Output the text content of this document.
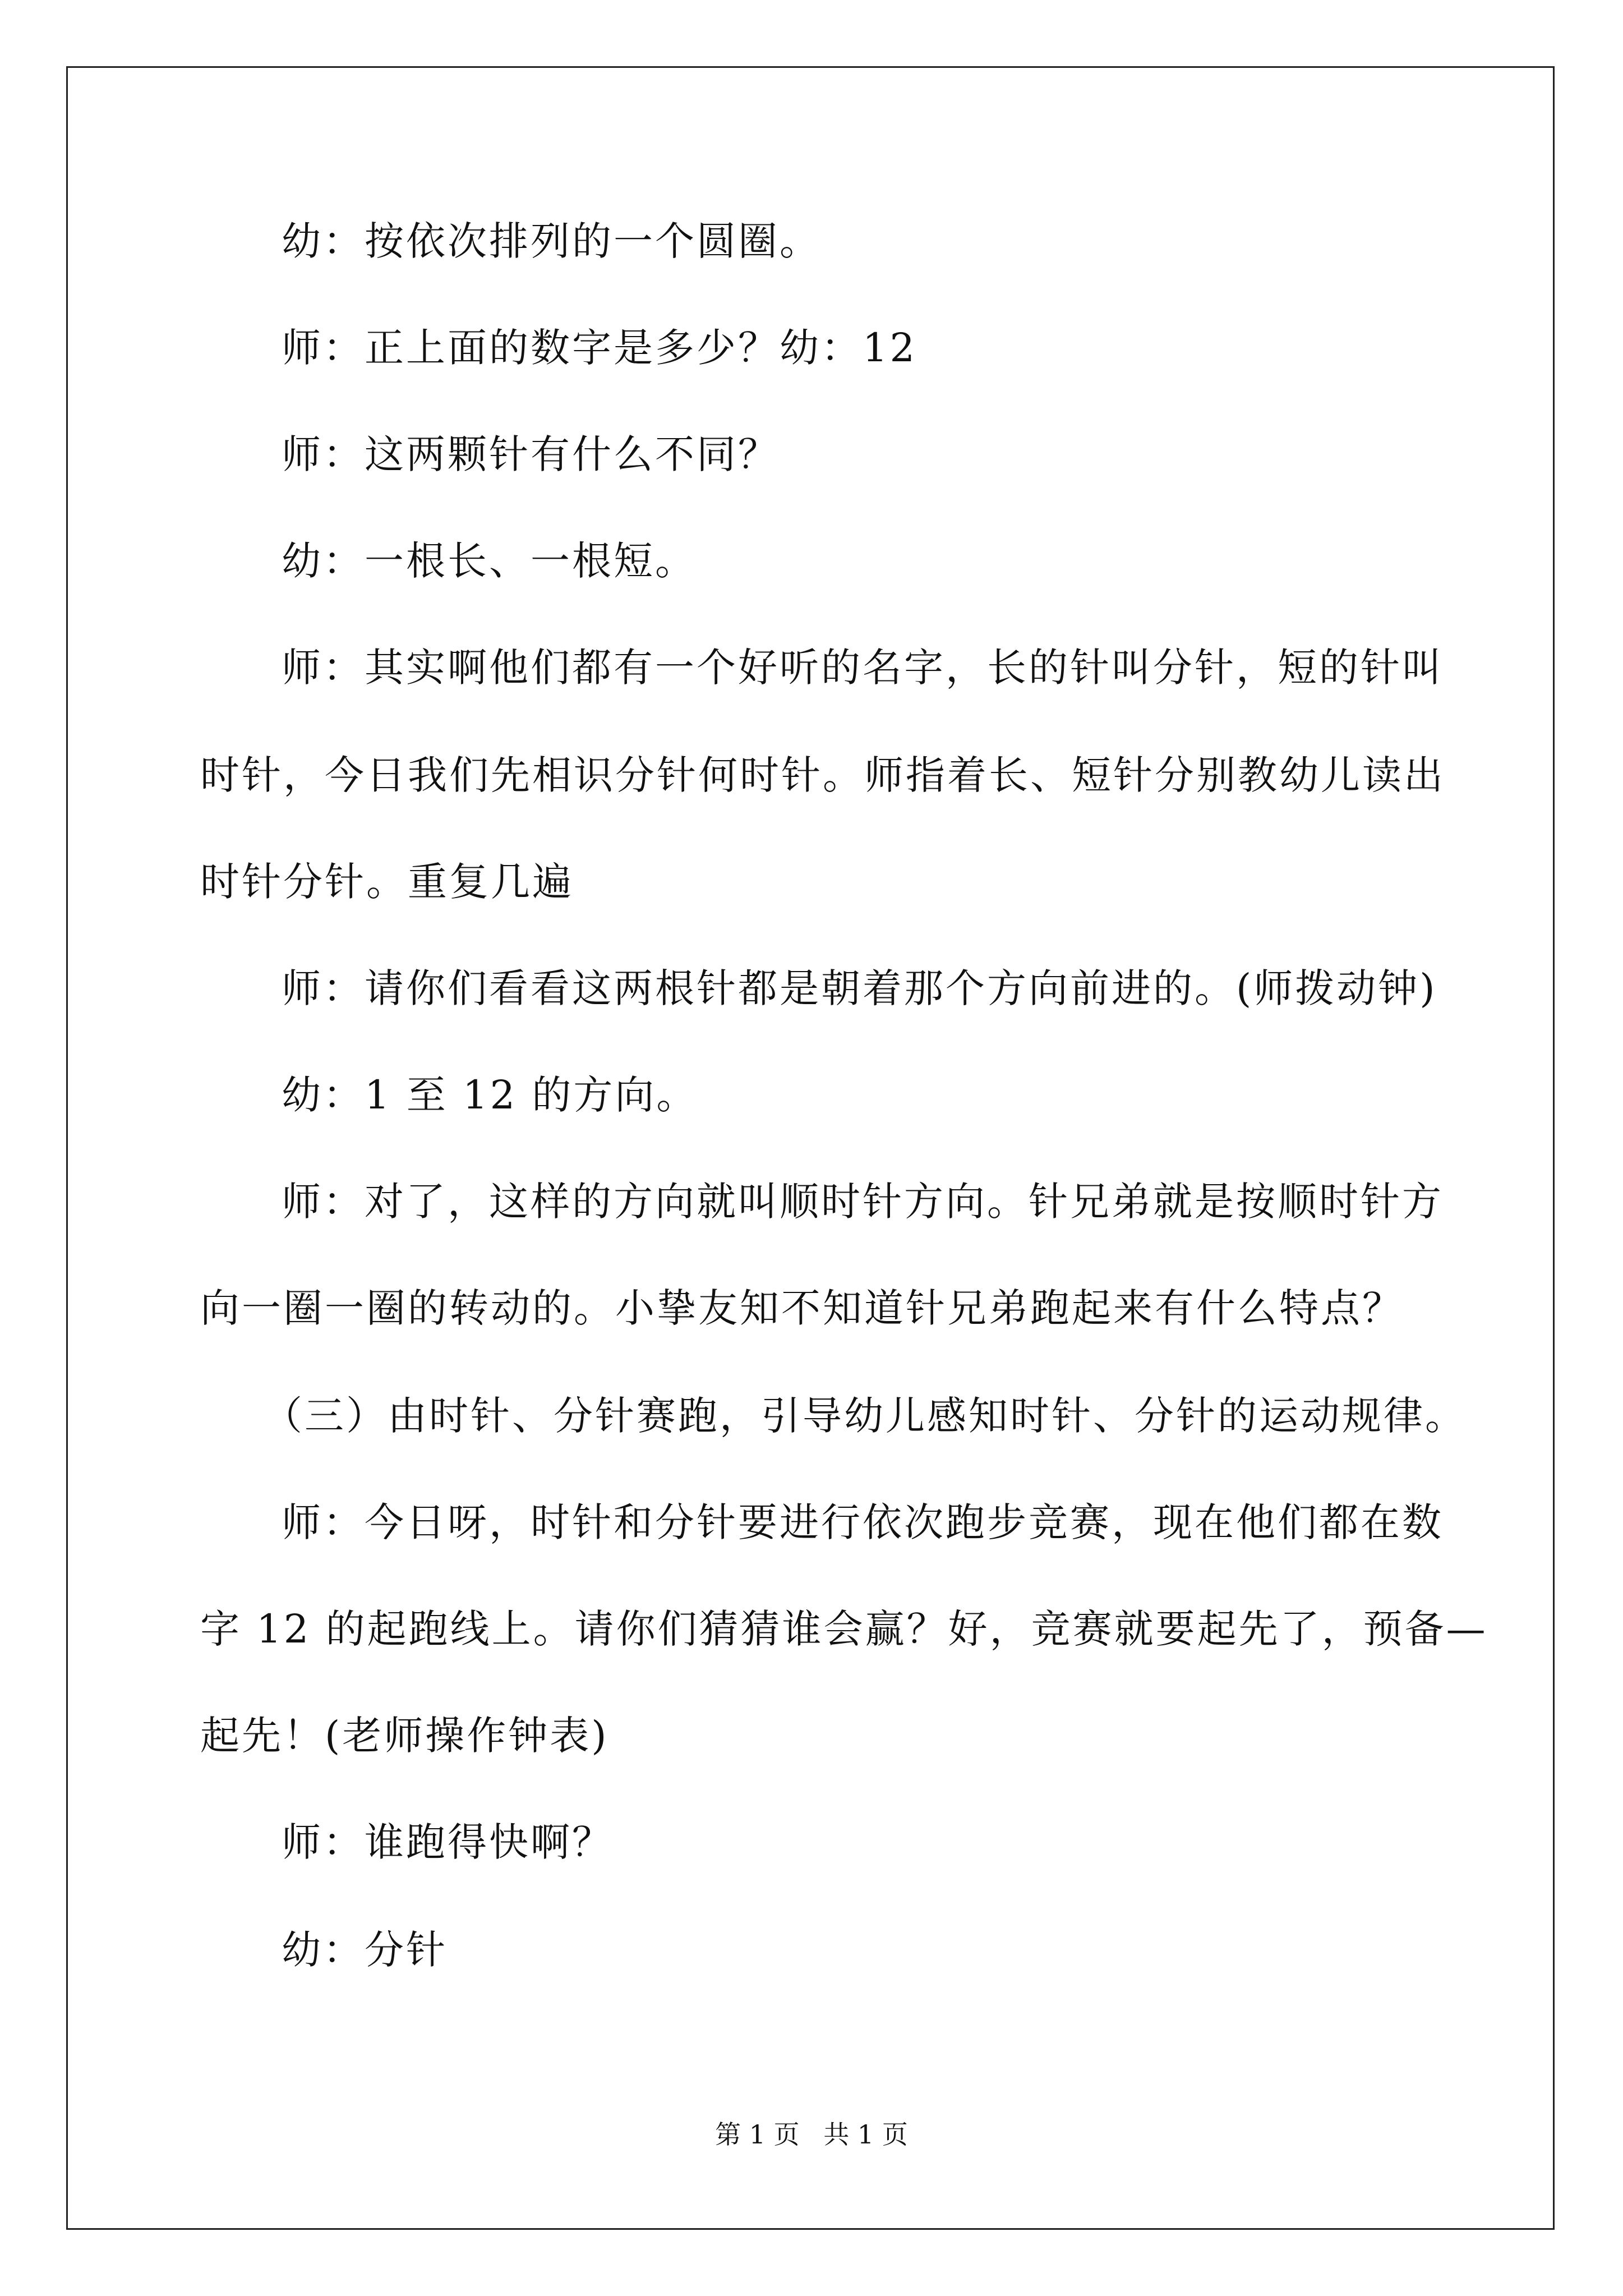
幼：按依次排列的一个圆圈。
师：正上面的数字是多少？幼：12
师：这两颗针有什么不同？
幼：一根长、一根短。
师：其实啊他们都有一个好听的名字，长的针叫分针，短的针叫
时针，今日我们先相识分针何时针。师指着长、短针分别教幼儿读出
时针分针。重复几遍
师：请你们看看这两根针都是朝着那个方向前进的。(师拨动钟)
幼：1 至 12 的方向。
师：对了，这样的方向就叫顺时针方向。针兄弟就是按顺时针方
向一圈一圈的转动的。小挚友知不知道针兄弟跑起来有什么特点？
（三）由时针、分针赛跑，引导幼儿感知时针、分针的运动规律。
师：今日呀，时针和分针要进行依次跑步竞赛，现在他们都在数
字 12 的起跑线上。请你们猜猜谁会赢？好，竞赛就要起先了，预备—
起先！(老师操作钟表)
师：谁跑得快啊？
幼：分针
第 1 页 共 1 页
